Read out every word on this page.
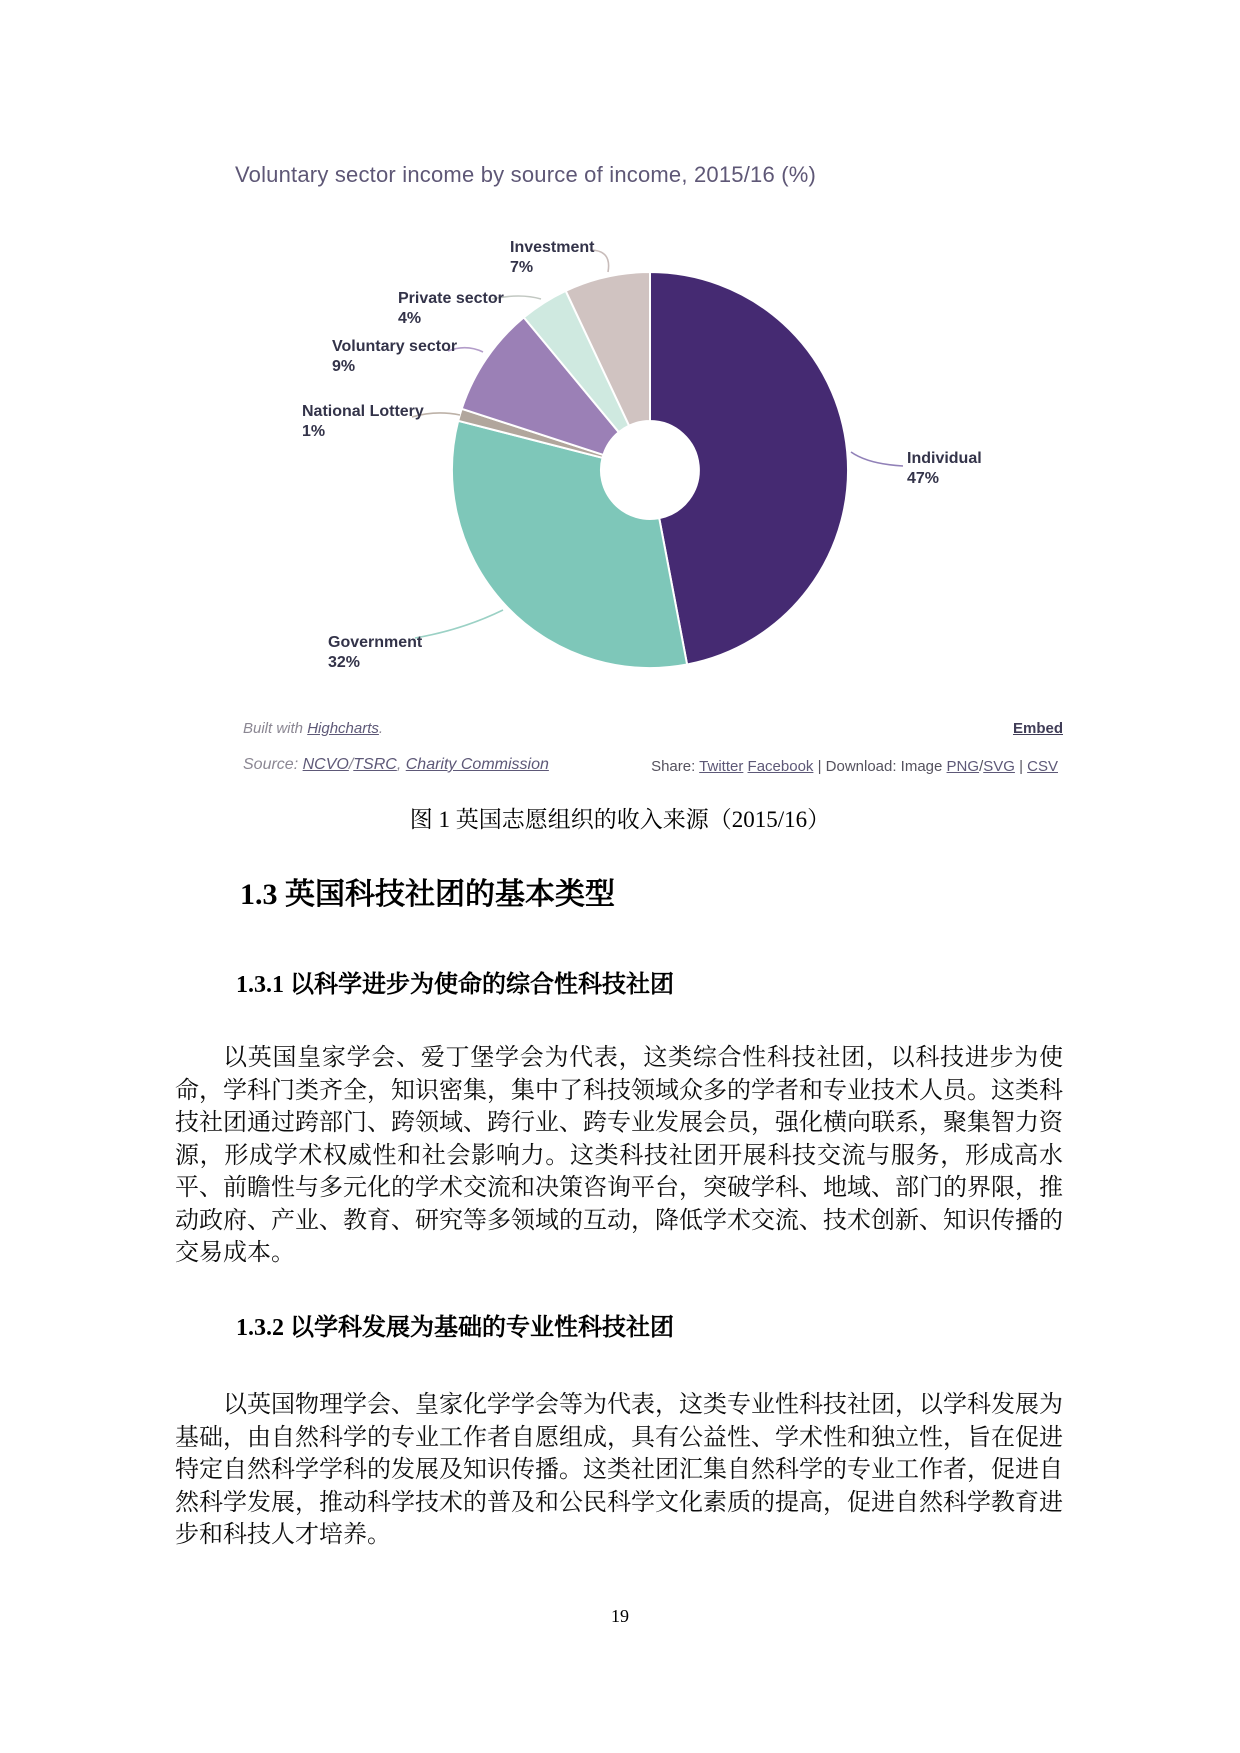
Voluntary sector income by source of income, 2015/16 (%)
Individual
47%
Government
32%
National Lottery
1%
Voluntary sector
9%
Private sector
4%
Investment
7%
Built with Highcharts.	Embed
Source: NCVO/TSRC, Charity Commission	Share: Twitter Facebook | Download: Image PNG/SVG | CSV
图 1 英国志愿组织的收入来源（2015/16）
1.3 英国科技社团的基本类型
1.3.1 以科学进步为使命的综合性科技社团

以英国皇家学会、爱丁堡学会为代表，这类综合性科技社团，以科技进步为使命，学科门类齐全，知识密集，集中了科技领域众多的学者和专业技术人员。这类科技社团通过跨部门、跨领域、跨行业、跨专业发展会员，强化横向联系，聚集智力资源，形成学术权威性和社会影响力。这类科技社团开展科技交流与服务，形成高水平、前瞻性与多元化的学术交流和决策咨询平台，突破学科、地域、部门的界限，推动政府、产业、教育、研究等多领域的互动，降低学术交流、技术创新、知识传播的交易成本。

1.3.2 以学科发展为基础的专业性科技社团

以英国物理学会、皇家化学学会等为代表，这类专业性科技社团，以学科发展为基础，由自然科学的专业工作者自愿组成，具有公益性、学术性和独立性，旨在促进特定自然科学学科的发展及知识传播。这类社团汇集自然科学的专业工作者，促进自然科学发展，推动科学技术的普及和公民科学文化素质的提高，促进自然科学教育进步和科技人才培养。

19
